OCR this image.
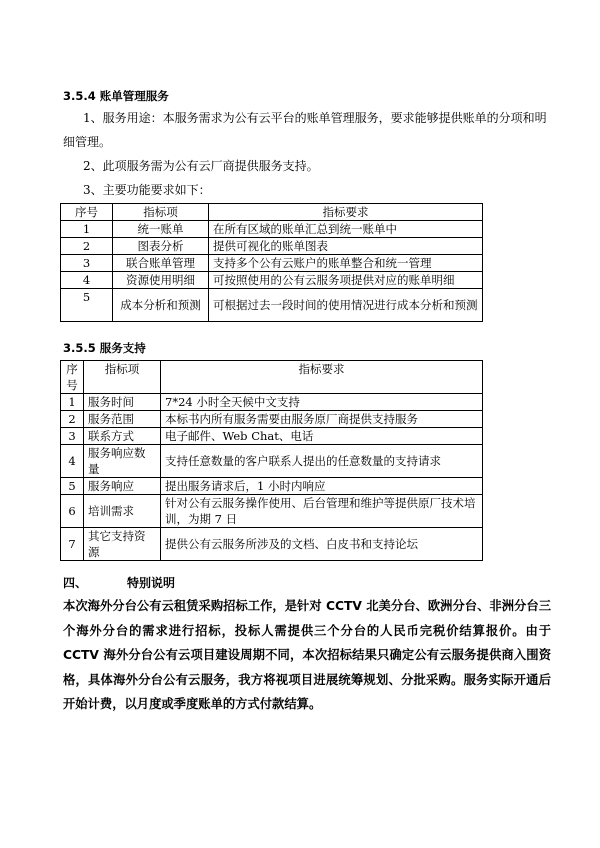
3.5.4 账单管理服务
1、服务用途：本服务需求为公有云平台的账单管理服务，要求能够提供账单的分项和明
细管理。
2、此项服务需为公有云厂商提供服务支持。
3、主要功能要求如下：
序号	指标项	指标要求
1	统一账单	在所有区域的账单汇总到统一账单中
2	图表分析	提供可视化的账单图表
3	联合账单管理	支持多个公有云账户的账单整合和统一管理
4	资源使用明细	可按照使用的公有云服务项提供对应的账单明细
5	成本分析和预测	可根据过去一段时间的使用情况进行成本分析和预测
3.5.5 服务支持
序号	指标项	指标要求
1	服务时间	7*24 小时全天候中文支持
2	服务范围	本标书内所有服务需要由服务原厂商提供支持服务
3	联系方式	电子邮件、Web Chat、电话
4	服务响应数量	支持任意数量的客户联系人提出的任意数量的支持请求
5	服务响应	提出服务请求后，1 小时内响应
6	培训需求	针对公有云服务操作使用、后台管理和维护等提供原厂技术培训，为期 7 日
7	其它支持资源	提供公有云服务所涉及的文档、白皮书和支持论坛
四、	特别说明
本次海外分台公有云租赁采购招标工作，是针对 CCTV 北美分台、欧洲分台、非洲分台三个海外分台的需求进行招标，投标人需提供三个分台的人民币完税价结算报价。由于 CCTV 海外分台公有云项目建设周期不同，本次招标结果只确定公有云服务提供商入围资格，具体海外分台公有云服务，我方将视项目进展统筹规划、分批采购。服务实际开通后开始计费，以月度或季度账单的方式付款结算。
